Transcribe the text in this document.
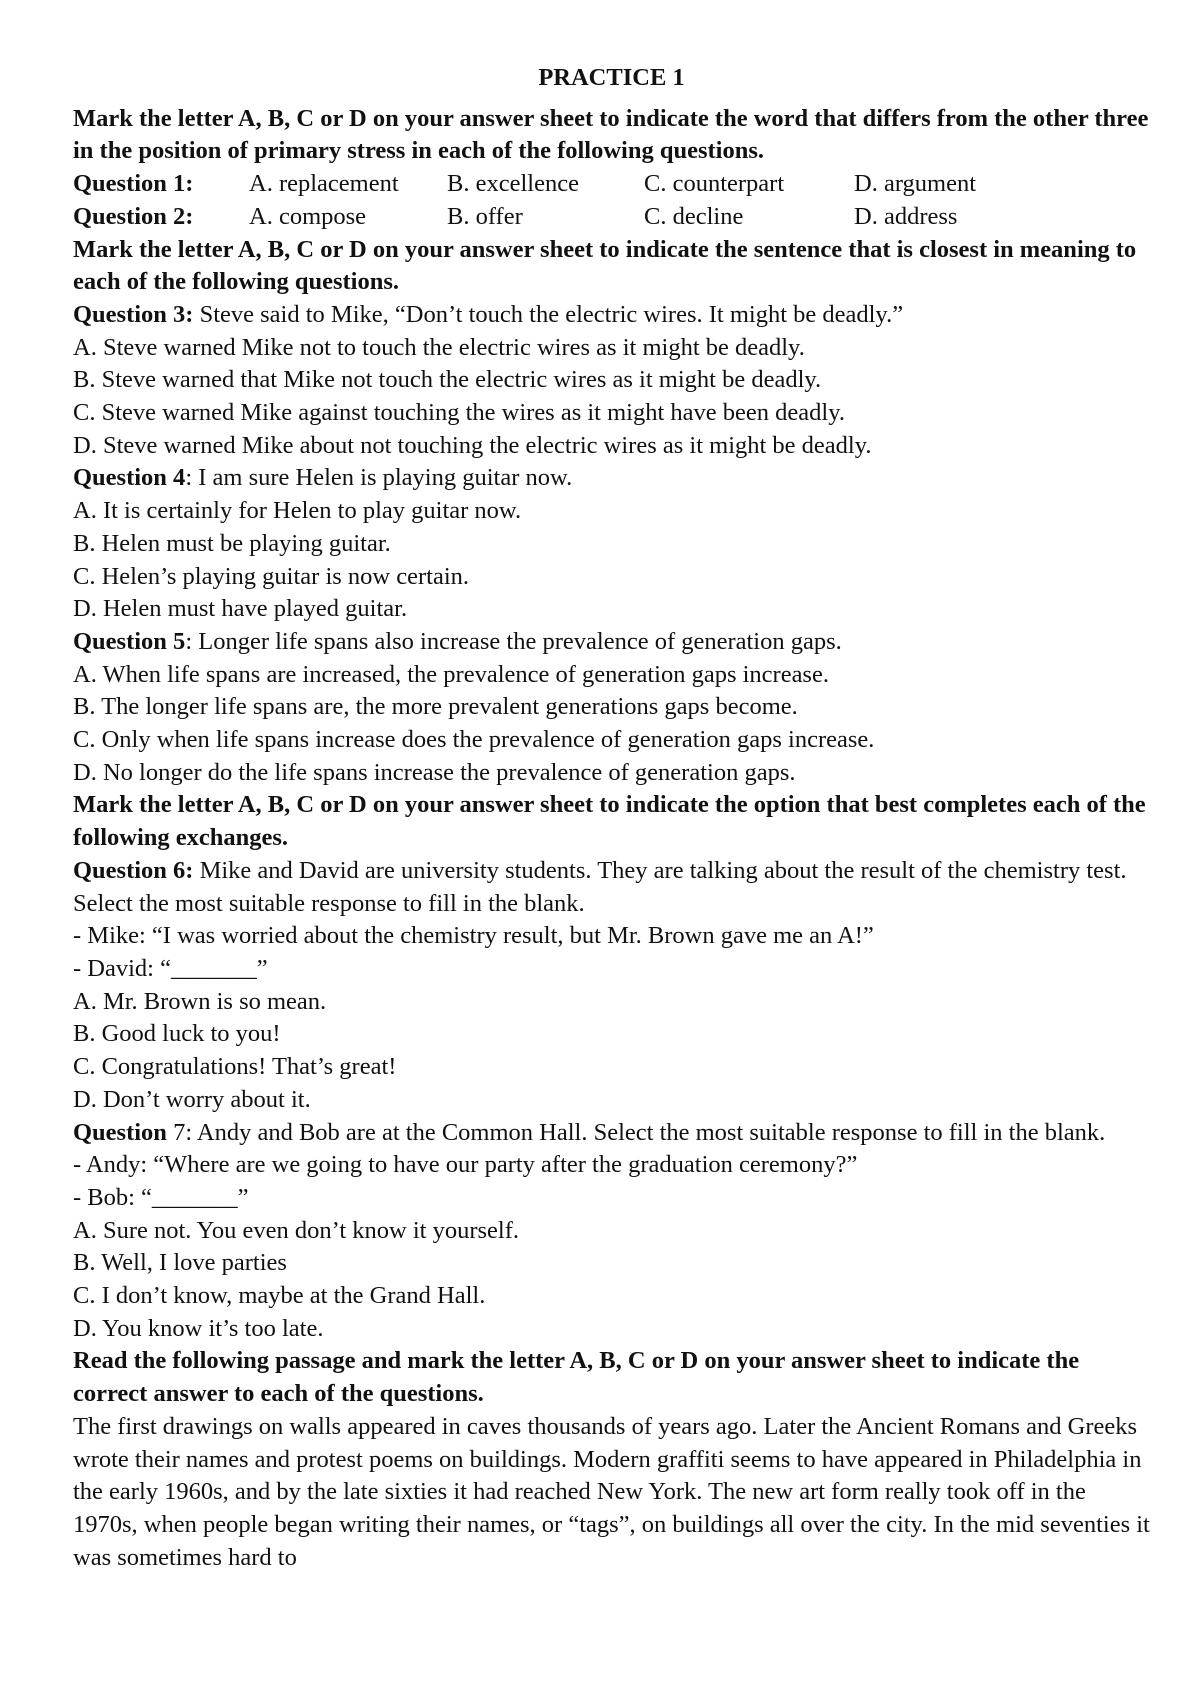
PRACTICE 1

Mark the letter A, B, C or D on your answer sheet to indicate the word that differs from the other three in the position of primary stress in each of the following questions.

Question 1:	A. replacement	B. excellence	C. counterpart	D. argument
Question 2:	A. compose	B. offer	C. decline	D. address

Mark the letter A, B, C or D on your answer sheet to indicate the sentence that is closest in meaning to each of the following questions.

Question 3: Steve said to Mike, “Don’t touch the electric wires. It might be deadly.”

A. Steve warned Mike not to touch the electric wires as it might be deadly.

B. Steve warned that Mike not touch the electric wires as it might be deadly.

C. Steve warned Mike against touching the wires as it might have been deadly.

D. Steve warned Mike about not touching the electric wires as it might be deadly.

Question 4: I am sure Helen is playing guitar now.

A. It is certainly for Helen to play guitar now.

B. Helen must be playing guitar.

C. Helen’s playing guitar is now certain.

D. Helen must have played guitar.

Question 5: Longer life spans also increase the prevalence of generation gaps.

A. When life spans are increased, the prevalence of generation gaps increase.

B. The longer life spans are, the more prevalent generations gaps become.

C. Only when life spans increase does the prevalence of generation gaps increase.

D. No longer do the life spans increase the prevalence of generation gaps.

Mark the letter A, B, C or D on your answer sheet to indicate the option that best completes each of the following exchanges.

Question 6: Mike and David are university students. They are talking about the result of the chemistry test. Select the most suitable response to fill in the blank.

- Mike: “I was worried about the chemistry result, but Mr. Brown gave me an A!”

- David: “_______”

A. Mr. Brown is so mean.

B. Good luck to you!

C. Congratulations! That’s great!

D. Don’t worry about it.

Question 7: Andy and Bob are at the Common Hall. Select the most suitable response to fill in the blank.

- Andy: “Where are we going to have our party after the graduation ceremony?”

- Bob: “_______”

A. Sure not. You even don’t know it yourself.

B. Well, I love parties

C. I don’t know, maybe at the Grand Hall.

D. You know it’s too late.

Read the following passage and mark the letter A, B, C or D on your answer sheet to indicate the correct answer to each of the questions.

The first drawings on walls appeared in caves thousands of years ago. Later the Ancient Romans and Greeks wrote their names and protest poems on buildings. Modern graffiti seems to have appeared in Philadelphia in the early 1960s, and by the late sixties it had reached New York. The new art form really took off in the 1970s, when people began writing their names, or “tags”, on buildings all over the city. In the mid seventies it was sometimes hard to
